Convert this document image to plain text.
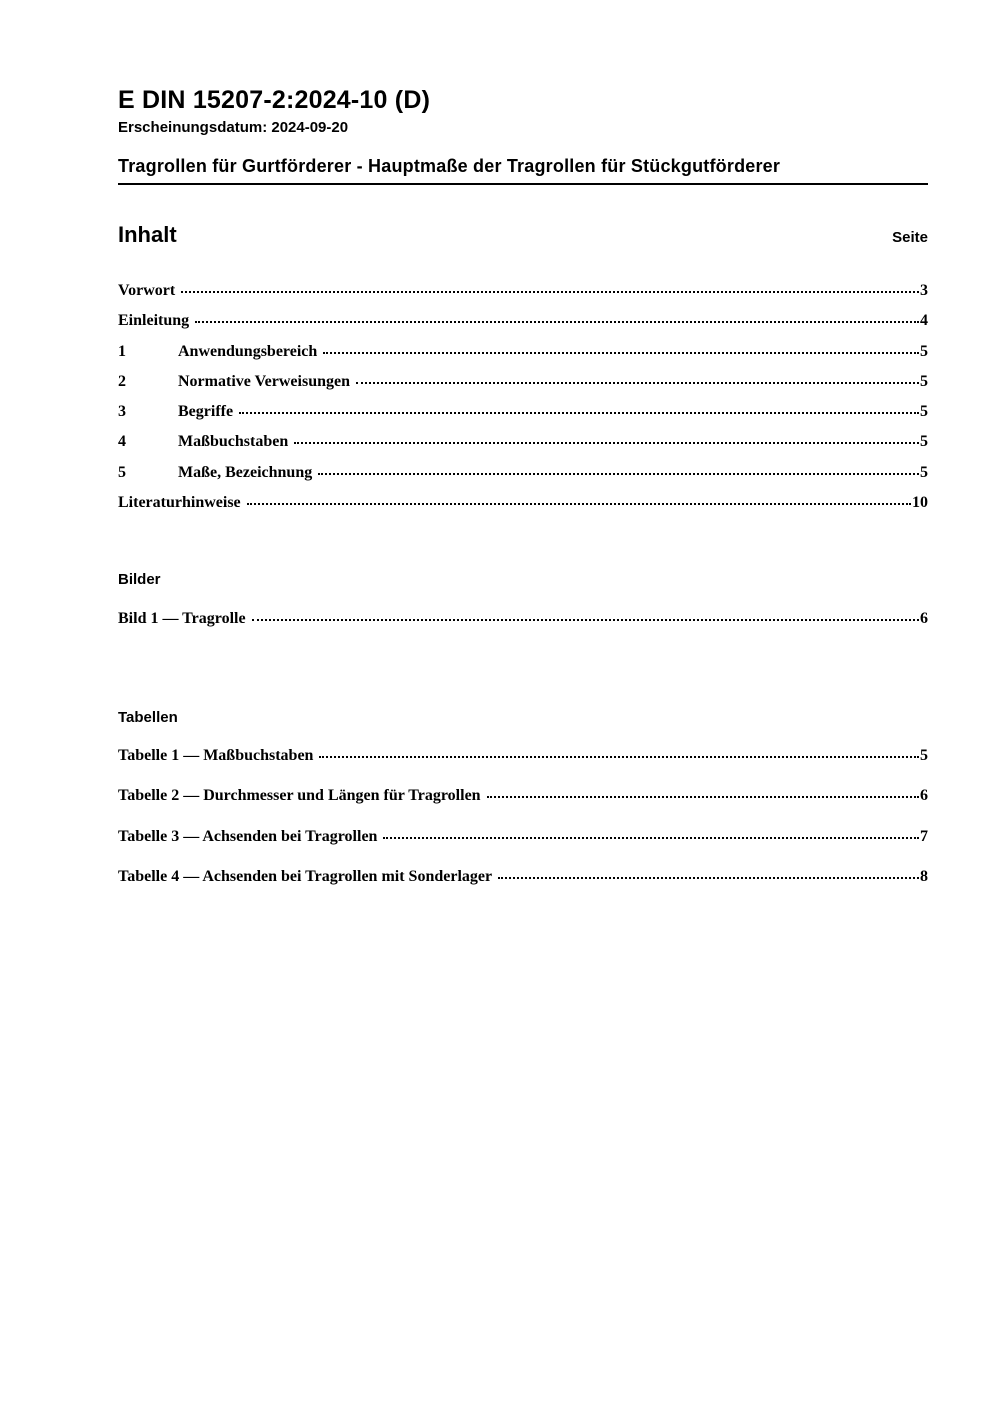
E DIN 15207-2:2024-10 (D)
Erscheinungsdatum: 2024-09-20
Tragrollen für Gurtförderer - Hauptmaße der Tragrollen für Stückgutförderer
Inhalt	Seite
Vorwort	3
Einleitung	4
1	Anwendungsbereich	5
2	Normative Verweisungen	5
3	Begriffe	5
4	Maßbuchstaben	5
5	Maße, Bezeichnung	5
Literaturhinweise	10
Bilder
Bild 1 — Tragrolle	6
Tabellen
Tabelle 1 — Maßbuchstaben	5
Tabelle 2 — Durchmesser und Längen für Tragrollen	6
Tabelle 3 — Achsenden bei Tragrollen	7
Tabelle 4 — Achsenden bei Tragrollen mit Sonderlager	8
